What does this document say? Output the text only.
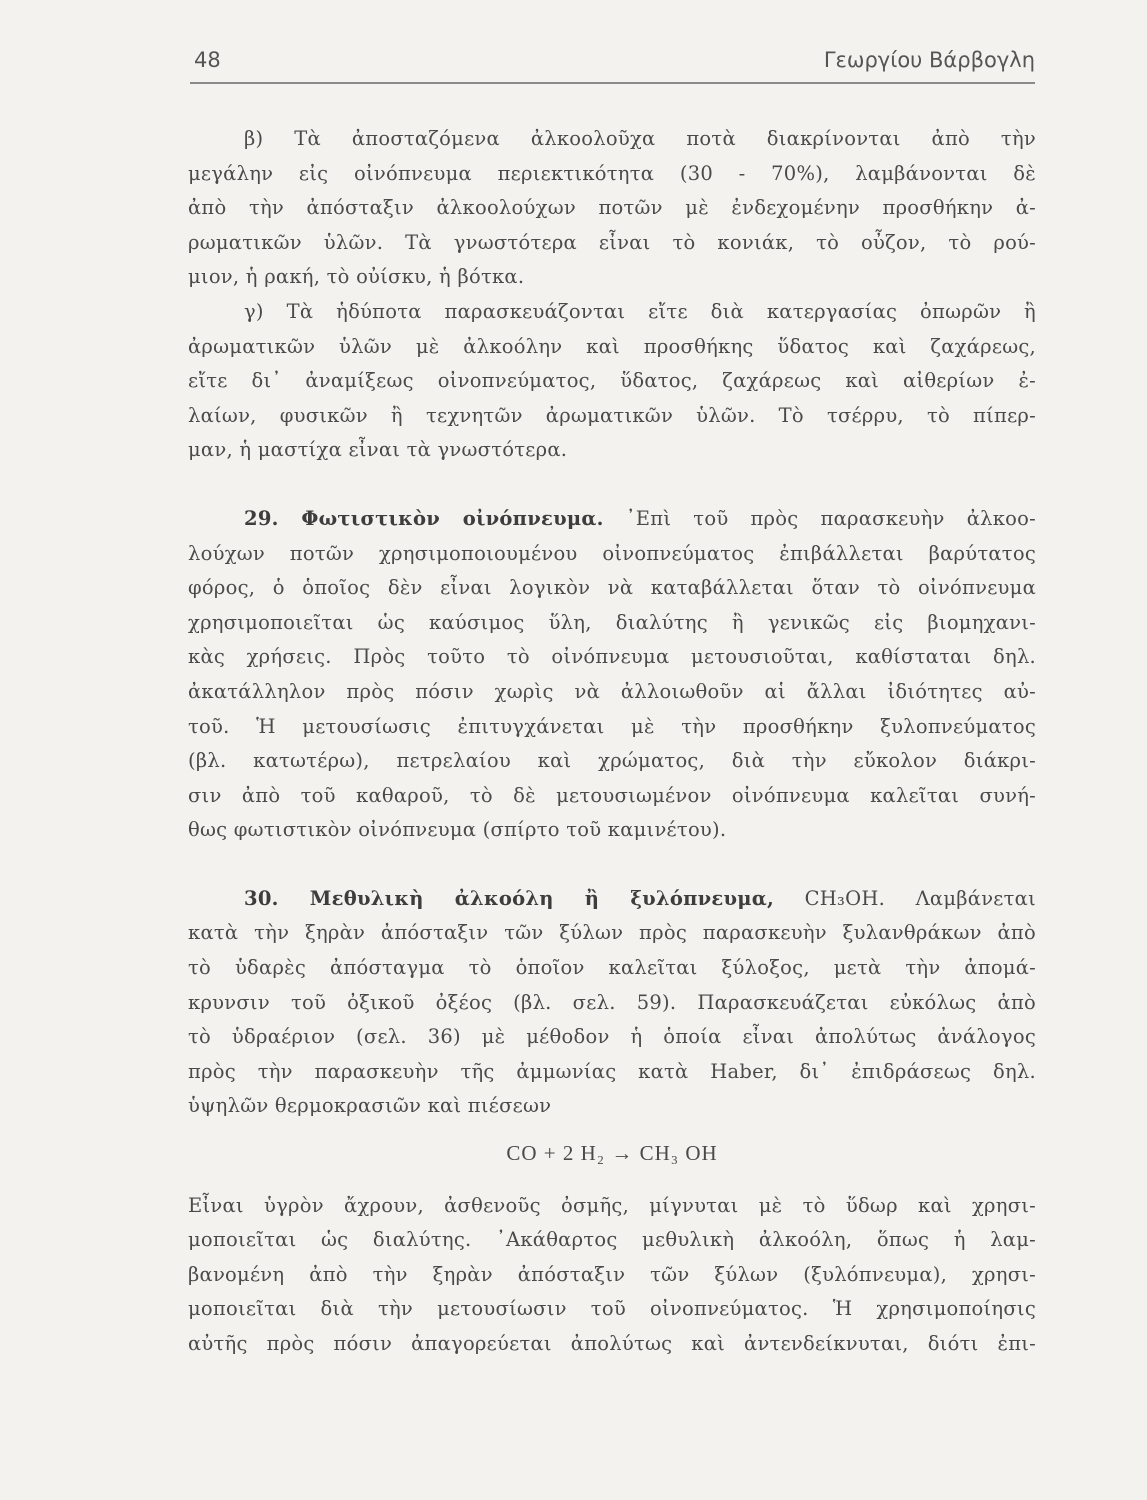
48	Γεωργίου Βάρβογλη
β) Τὰ ἀποσταζόμενα ἀλκοολοῦχα ποτὰ διακρίνονται ἀπὸ τὴν
μεγάλην εἰς οἰνόπνευμα περιεκτικότητα (30 - 70%), λαμβάνονται δὲ
ἀπὸ τὴν ἀπόσταξιν ἀλκοολούχων ποτῶν μὲ ἐνδεχομένην προσθήκην ἀ-
ρωματικῶν ὑλῶν. Τὰ γνωστότερα εἶναι τὸ κονιάκ, τὸ οὖζον, τὸ ρού-
μιον, ἡ ρακή, τὸ οὐίσκυ, ἡ βότκα.
γ) Τὰ ἡδύποτα παρασκευάζονται εἴτε διὰ κατεργασίας ὀπωρῶν ἢ
ἀρωματικῶν ὑλῶν μὲ ἀλκοόλην καὶ προσθήκης ὕδατος καὶ ζαχάρεως,
εἴτε δι᾽ ἀναμίξεως οἰνοπνεύματος, ὕδατος, ζαχάρεως καὶ αἰθερίων ἐ-
λαίων, φυσικῶν ἢ τεχνητῶν ἀρωματικῶν ὑλῶν. Τὸ τσέρρυ, τὸ πίπερ-
μαν, ἡ μαστίχα εἶναι τὰ γνωστότερα.
29. Φωτιστικὸν οἰνόπνευμα. ᾿Επὶ τοῦ πρὸς παρασκευὴν ἀλκοο-
λούχων ποτῶν χρησιμοποιουμένου οἰνοπνεύματος ἐπιβάλλεται βαρύτατος
φόρος, ὁ ὁποῖος δὲν εἶναι λογικὸν νὰ καταβάλλεται ὅταν τὸ οἰνόπνευμα
χρησιμοποιεῖται ὡς καύσιμος ὕλη, διαλύτης ἢ γενικῶς εἰς βιομηχανι-
κὰς χρήσεις. Πρὸς τοῦτο τὸ οἰνόπνευμα μετουσιοῦται, καθίσταται δηλ.
ἀκατάλληλον πρὸς πόσιν χωρὶς νὰ ἀλλοιωθοῦν αἱ ἄλλαι ἰδιότητες αὐ-
τοῦ. Ἡ μετουσίωσις ἐπιτυγχάνεται μὲ τὴν προσθήκην ξυλοπνεύματος
(βλ. κατωτέρω), πετρελαίου καὶ χρώματος, διὰ τὴν εὔκολον διάκρι-
σιν ἀπὸ τοῦ καθαροῦ, τὸ δὲ μετουσιωμένον οἰνόπνευμα καλεῖται συνή-
θως φωτιστικὸν οἰνόπνευμα (σπίρτο τοῦ καμινέτου).
30. Μεθυλικὴ ἀλκοόλη ἢ ξυλόπνευμα, CH₃OH. Λαμβάνεται
κατὰ τὴν ξηρὰν ἀπόσταξιν τῶν ξύλων πρὸς παρασκευὴν ξυλανθράκων ἀπὸ
τὸ ὑδαρὲς ἀπόσταγμα τὸ ὁποῖον καλεῖται ξύλοξος, μετὰ τὴν ἀπομά-
κρυνσιν τοῦ ὀξικοῦ ὀξέος (βλ. σελ. 59). Παρασκευάζεται εὐκόλως ἀπὸ
τὸ ὑδραέριον (σελ. 36) μὲ μέθοδον ἡ ὁποία εἶναι ἀπολύτως ἀνάλογος
πρὸς τὴν παρασκευὴν τῆς ἀμμωνίας κατὰ Haber, δι᾽ ἐπιδράσεως δηλ.
ὑψηλῶν θερμοκρασιῶν καὶ πιέσεων
CO + 2 H₂ → CH₃ OH
Εἶναι ὑγρὸν ἄχρουν, ἀσθενοῦς ὀσμῆς, μίγνυται μὲ τὸ ὕδωρ καὶ χρησι-
μοποιεῖται ὡς διαλύτης. ᾿Ακάθαρτος μεθυλικὴ ἀλκοόλη, ὅπως ἡ λαμ-
βανομένη ἀπὸ τὴν ξηρὰν ἀπόσταξιν τῶν ξύλων (ξυλόπνευμα), χρησι-
μοποιεῖται διὰ τὴν μετουσίωσιν τοῦ οἰνοπνεύματος. Ἡ χρησιμοποίησις
αὐτῆς πρὸς πόσιν ἀπαγορεύεται ἀπολύτως καὶ ἀντενδείκνυται, διότι ἐπι-
